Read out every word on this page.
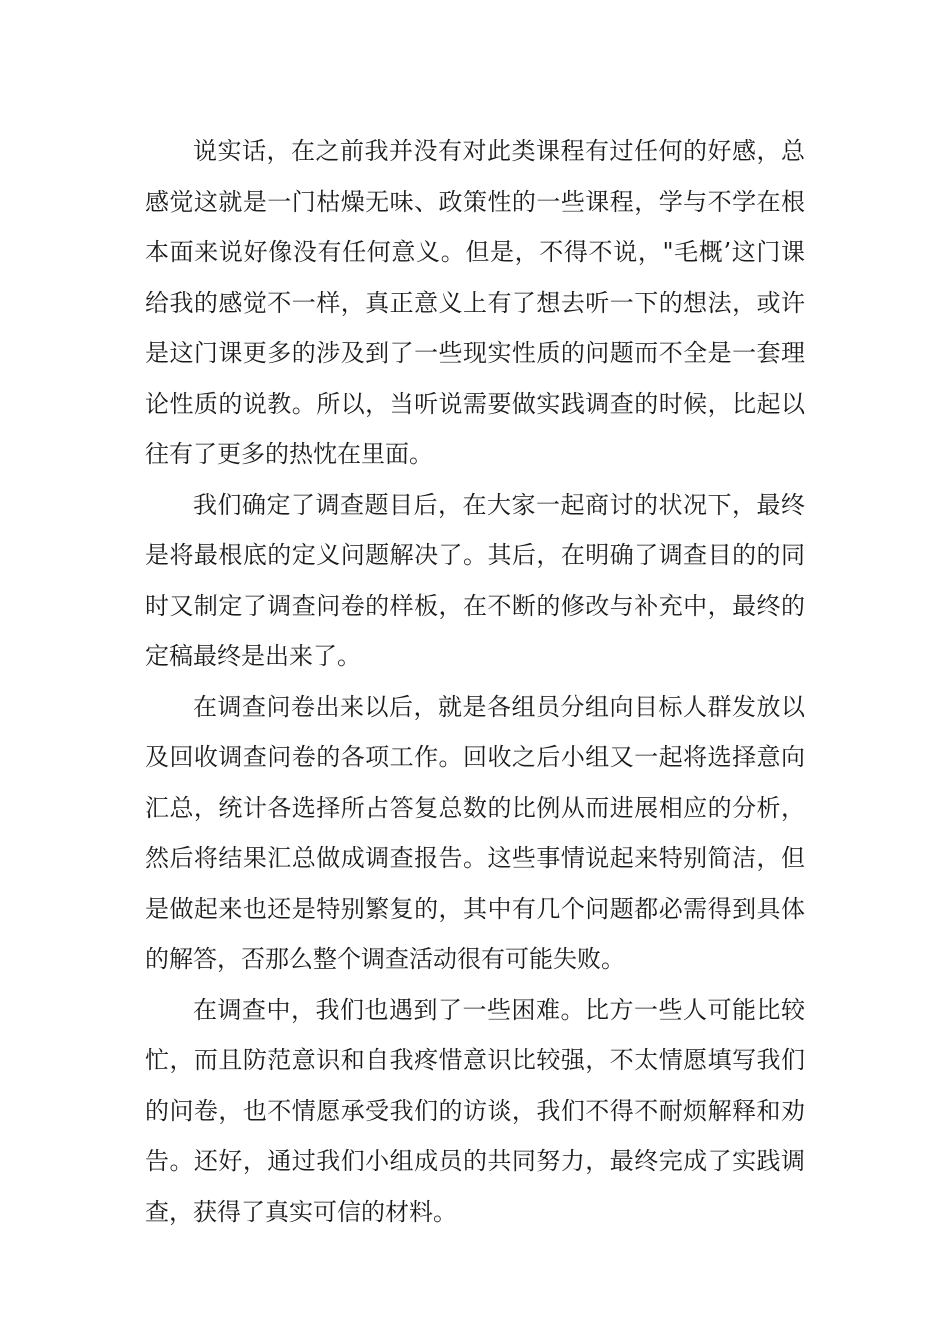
说实话，在之前我并没有对此类课程有过任何的好感，总感觉这就是一门枯燥无味、政策性的一些课程，学与不学在根本面来说好像没有任何意义。但是，不得不说，"毛概’这门课给我的感觉不一样，真正意义上有了想去听一下的想法，或许是这门课更多的涉及到了一些现实性质的问题而不全是一套理论性质的说教。所以，当听说需要做实践调查的时候，比起以往有了更多的热忱在里面。

我们确定了调查题目后，在大家一起商讨的状况下，最终是将最根底的定义问题解决了。其后，在明确了调查目的的同时又制定了调查问卷的样板，在不断的修改与补充中，最终的定稿最终是出来了。

在调查问卷出来以后，就是各组员分组向目标人群发放以及回收调查问卷的各项工作。回收之后小组又一起将选择意向汇总，统计各选择所占答复总数的比例从而进展相应的分析，然后将结果汇总做成调查报告。这些事情说起来特别简洁，但是做起来也还是特别繁复的，其中有几个问题都必需得到具体的解答，否那么整个调查活动很有可能失败。

在调查中，我们也遇到了一些困难。比方一些人可能比较忙，而且防范意识和自我疼惜意识比较强，不太情愿填写我们的问卷，也不情愿承受我们的访谈，我们不得不耐烦解释和劝告。还好，通过我们小组成员的共同努力，最终完成了实践调查，获得了真实可信的材料。
